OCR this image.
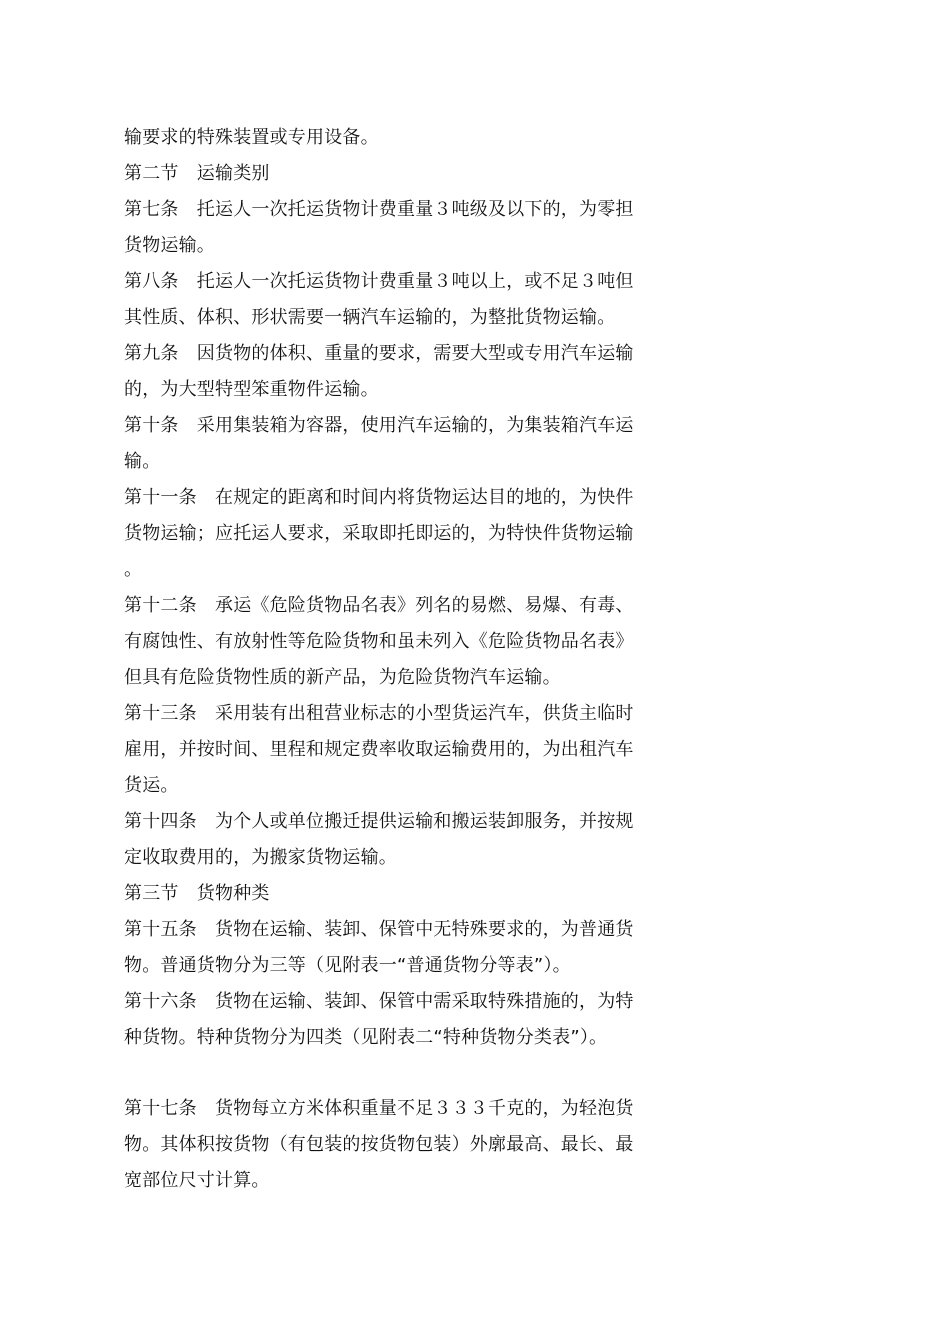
输要求的特殊装置或专用设备。
第二节　运输类别
第七条　托运人一次托运货物计费重量３吨级及以下的，为零担
货物运输。
第八条　托运人一次托运货物计费重量３吨以上，或不足３吨但
其性质、体积、形状需要一辆汽车运输的，为整批货物运输。
第九条　因货物的体积、重量的要求，需要大型或专用汽车运输
的，为大型特型笨重物件运输。
第十条　采用集装箱为容器，使用汽车运输的，为集装箱汽车运
输。
第十一条　在规定的距离和时间内将货物运达目的地的，为快件
货物运输；应托运人要求，采取即托即运的，为特快件货物运输
。
第十二条　承运《危险货物品名表》列名的易燃、易爆、有毒、
有腐蚀性、有放射性等危险货物和虽未列入《危险货物品名表》
但具有危险货物性质的新产品，为危险货物汽车运输。
第十三条　采用装有出租营业标志的小型货运汽车，供货主临时
雇用，并按时间、里程和规定费率收取运输费用的，为出租汽车
货运。
第十四条　为个人或单位搬迁提供运输和搬运装卸服务，并按规
定收取费用的，为搬家货物运输。
第三节　货物种类
第十五条　货物在运输、装卸、保管中无特殊要求的，为普通货
物。普通货物分为三等（见附表一“普通货物分等表”）。
第十六条　货物在运输、装卸、保管中需采取特殊措施的，为特
种货物。特种货物分为四类（见附表二“特种货物分类表”）。
第十七条　货物每立方米体积重量不足３３３千克的，为轻泡货
物。其体积按货物（有包装的按货物包装）外廓最高、最长、最
宽部位尺寸计算。
